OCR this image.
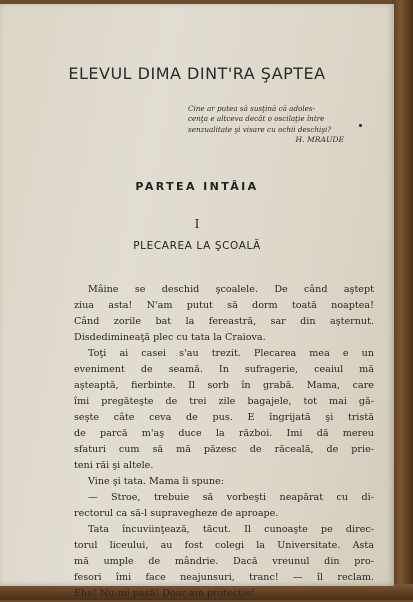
ELEVUL DIMA DINT'RA ŞAPTEA
Cine ar putea să susţină că adoles-
cenţa e altceva decât o oscilaţie între
senzualitate şi visare cu ochii deschişi?
H. MRAUDE
PARTEA INTÂIA
I
PLECAREA LA ŞCOALĂ
Mâine se deschid şcoalele. De când aştept
ziua asta! N'am putut să dorm toată noaptea!
Când zorile bat la fereastră, sar din aşternut.
Disdedimineaţă plec cu tata la Craiova.
Toţi ai casei s'au trezit. Plecarea mea e un
eveniment de seamă. In sufragerie, ceaiul mă
aşteaptă, fierbinte. Il sorb în grabă. Mama, care
îmi pregăteşte de trei zile bagajele, tot mai gă-
seşte câte ceva de pus. E îngrijată şi tristă
de parcă m'aş duce la război. Imi dă mereu
sfaturi cum să mă păzesc de răceală, de prie-
teni răi şi altele.
Vine şi tata. Mama îi spune:
— Stroe, trebuie să vorbeşti neapărat cu di-
rectorul ca să-l supravegheze de aproape.
Tata încuviinţează, tăcut. Il cunoaşte pe direc-
torul liceului, au fost colegi la Universitate. Asta
mă umple de mândrie. Dacă vreunul din pro-
fesori îmi face neajunsuri, tranc! — îl reclam.
Ehe! Nu-mi pasă! Doar am protecţie!
